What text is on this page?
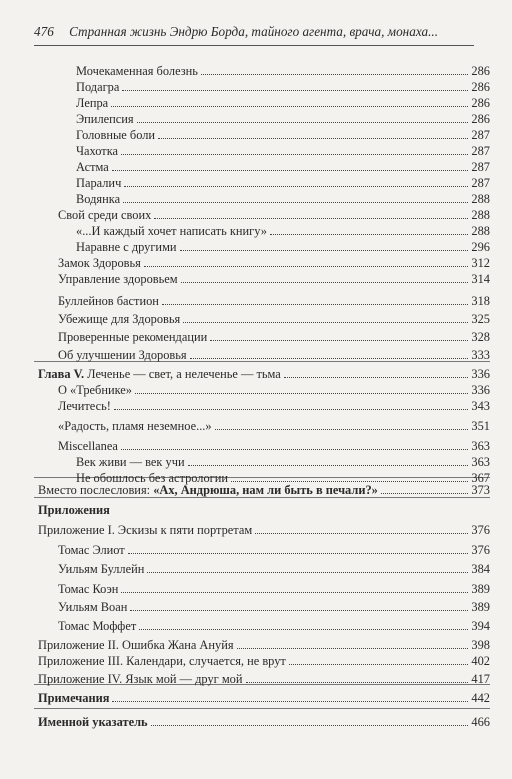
476 Странная жизнь Эндрю Борда, тайного агента, врача, монаха...
Приложения
Мочекаменная болезнь	286
Подагра	286
Лепра	286
Эпилепсия	286
Головные боли	287
Чахотка	287
Астма	287
Паралич	287
Водянка	288
Свой среди своих	288
«...И каждый хочет написать книгу»	288
Наравне с другими	296
Замок Здоровья	312
Управление здоровьем	314
Буллейнов бастион	318
Убежище для Здоровья	325
Проверенные рекомендации	328
Об улучшении Здоровья	333
Глава V. Леченье — свет, а нелеченье — тьма	336
О «Требнике»	336
Лечитесь!	343
«Радость, пламя неземное...»	351
Miscellanea	363
Век живи — век учи	363
Не обошлось без астрологии	367
Вместо послесловия: «Ах, Андрюша, нам ли быть в печали?»	373
Приложение I. Эскизы к пяти портретам	376
Томас Элиот	376
Уильям Буллейн	384
Томас Коэн	389
Уильям Воан	389
Томас Моффет	394
Приложение II. Ошибка Жана Ануйя	398
Приложение III. Календари, случается, не врут	402
Приложение IV. Язык мой — друг мой	417
Примечания	442
Именной указатель	466
